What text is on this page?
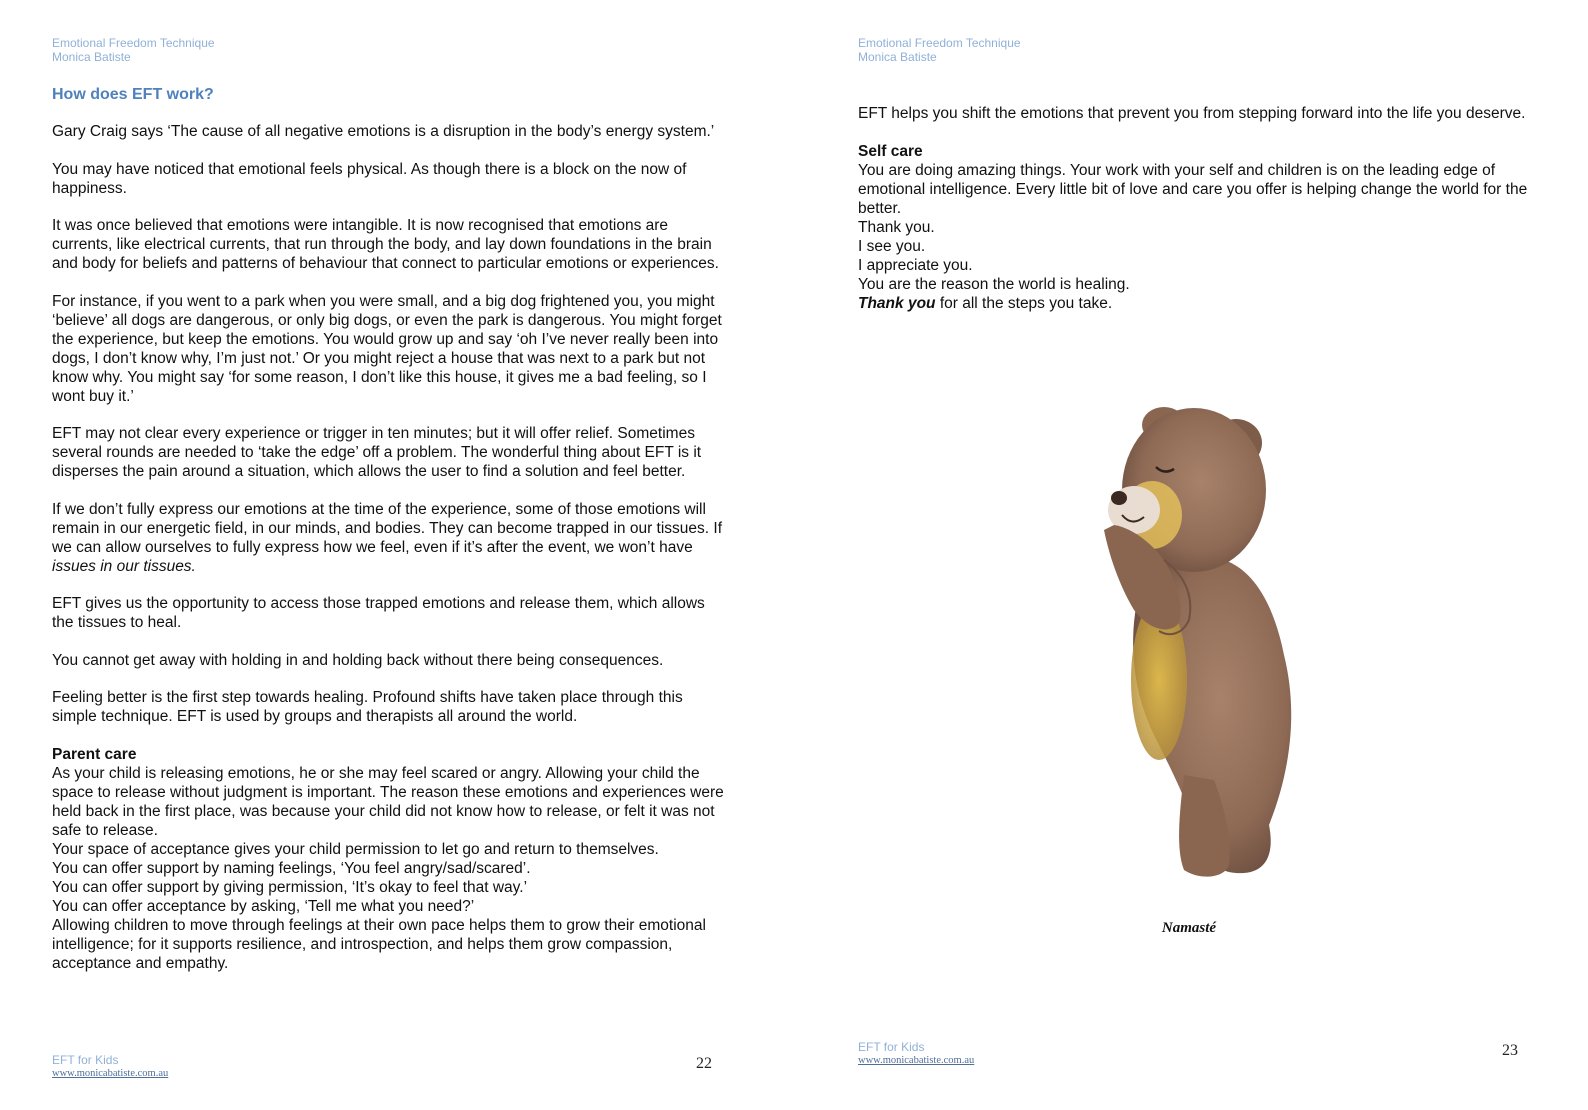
Emotional Freedom Technique
Monica Batiste
How does EFT work?

Gary Craig says ‘The cause of all negative emotions is a disruption in the body’s energy system.’

You may have noticed that emotional feels physical. As though there is a block on the now of happiness.

It was once believed that emotions were intangible. It is now recognised that emotions are currents, like electrical currents, that run through the body, and lay down foundations in the brain and body for beliefs and patterns of behaviour that connect to particular emotions or experiences.

For instance, if you went to a park when you were small, and a big dog frightened you, you might ‘believe’ all dogs are dangerous, or only big dogs, or even the park is dangerous. You might forget the experience, but keep the emotions. You would grow up and say ‘oh I’ve never really been into dogs, I don’t know why, I’m just not.’ Or you might reject a house that was next to a park but not know why. You might say ‘for some reason, I don’t like this house, it gives me a bad feeling, so I wont buy it.’

EFT may not clear every experience or trigger in ten minutes; but it will offer relief. Sometimes several rounds are needed to ‘take the edge’ off a problem. The wonderful thing about EFT is it disperses the pain around a situation, which allows the user to find a solution and feel better.

If we don’t fully express our emotions at the time of the experience, some of those emotions will remain in our energetic field, in our minds, and bodies. They can become trapped in our tissues. If we can allow ourselves to fully express how we feel, even if it’s after the event, we won’t have issues in our tissues.

EFT gives us the opportunity to access those trapped emotions and release them, which allows the tissues to heal.

You cannot get away with holding in and holding back without there being consequences.

Feeling better is the first step towards healing. Profound shifts have taken place through this simple technique. EFT is used by groups and therapists all around the world.

Parent care
As your child is releasing emotions, he or she may feel scared or angry. Allowing your child the space to release without judgment is important. The reason these emotions and experiences were held back in the first place, was because your child did not know how to release, or felt it was not safe to release.
Your space of acceptance gives your child permission to let go and return to themselves.
You can offer support by naming feelings, ‘You feel angry/sad/scared’.
You can offer support by giving permission, ‘It’s okay to feel that way.’
You can offer acceptance by asking, ‘Tell me what you need?’
Allowing children to move through feelings at their own pace helps them to grow their emotional intelligence; for it supports resilience, and introspection, and helps them grow compassion, acceptance and empathy.
EFT for Kids
www.monicabatiste.com.au
22
Emotional Freedom Technique
Monica Batiste

EFT helps you shift the emotions that prevent you from stepping forward into the life you deserve.

Self care
You are doing amazing things. Your work with your self and children is on the leading edge of emotional intelligence. Every little bit of love and care you offer is helping change the world for the better.
Thank you.
I see you.
I appreciate you.
You are the reason the world is healing.
Thank you for all the steps you take.
Namasté
EFT for Kids
www.monicabatiste.com.au
23
